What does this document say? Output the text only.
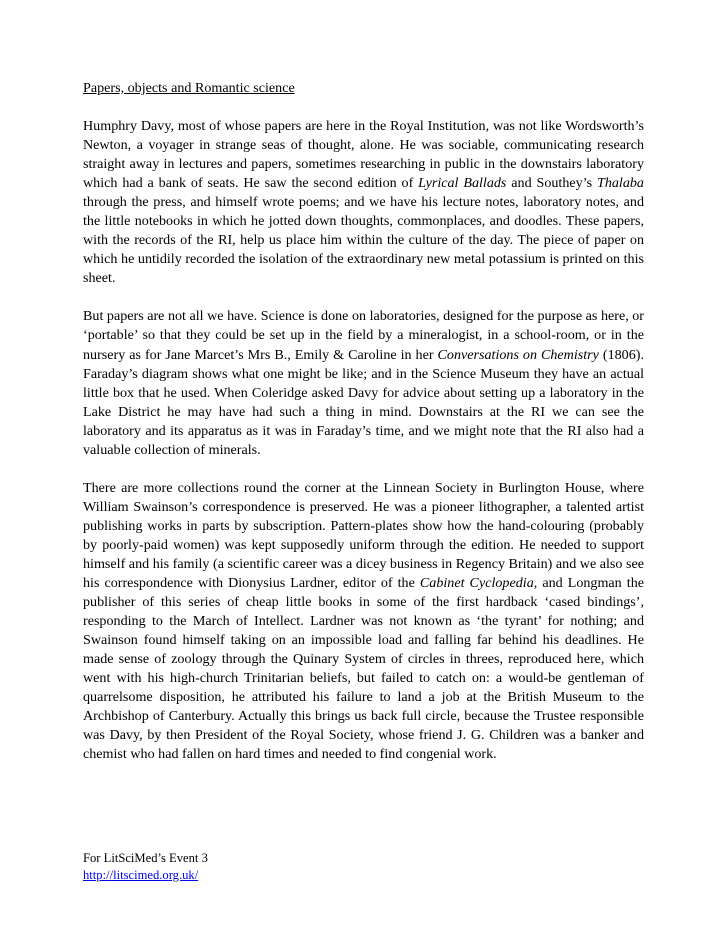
Papers, objects and Romantic science

Humphry Davy, most of whose papers are here in the Royal Institution, was not like Wordsworth’s Newton, a voyager in strange seas of thought, alone. He was sociable, communicating research straight away in lectures and papers, sometimes researching in public in the downstairs laboratory which had a bank of seats. He saw the second edition of Lyrical Ballads and Southey’s Thalaba through the press, and himself wrote poems; and we have his lecture notes, laboratory notes, and the little notebooks in which he jotted down thoughts, commonplaces, and doodles. These papers, with the records of the RI, help us place him within the culture of the day. The piece of paper on which he untidily recorded the isolation of the extraordinary new metal potassium is printed on this sheet.

But papers are not all we have. Science is done on laboratories, designed for the purpose as here, or ‘portable’ so that they could be set up in the field by a mineralogist, in a school-room, or in the nursery as for Jane Marcet’s Mrs B., Emily & Caroline in her Conversations on Chemistry (1806). Faraday’s diagram shows what one might be like; and in the Science Museum they have an actual little box that he used. When Coleridge asked Davy for advice about setting up a laboratory in the Lake District he may have had such a thing in mind. Downstairs at the RI we can see the laboratory and its apparatus as it was in Faraday’s time, and we might note that the RI also had a valuable collection of minerals.

There are more collections round the corner at the Linnean Society in Burlington House, where William Swainson’s correspondence is preserved. He was a pioneer lithographer, a talented artist publishing works in parts by subscription. Pattern-plates show how the hand-colouring (probably by poorly-paid women) was kept supposedly uniform through the edition. He needed to support himself and his family (a scientific career was a dicey business in Regency Britain) and we also see his correspondence with Dionysius Lardner, editor of the Cabinet Cyclopedia, and Longman the publisher of this series of cheap little books in some of the first hardback ‘cased bindings’, responding to the March of Intellect. Lardner was not known as ‘the tyrant’ for nothing; and Swainson found himself taking on an impossible load and falling far behind his deadlines. He made sense of zoology through the Quinary System of circles in threes, reproduced here, which went with his high-church Trinitarian beliefs, but failed to catch on: a would-be gentleman of quarrelsome disposition, he attributed his failure to land a job at the British Museum to the Archbishop of Canterbury. Actually this brings us back full circle, because the Trustee responsible was Davy, by then President of the Royal Society, whose friend J. G. Children was a banker and chemist who had fallen on hard times and needed to find congenial work.

For LitSciMed’s Event 3
http://litscimed.org.uk/
